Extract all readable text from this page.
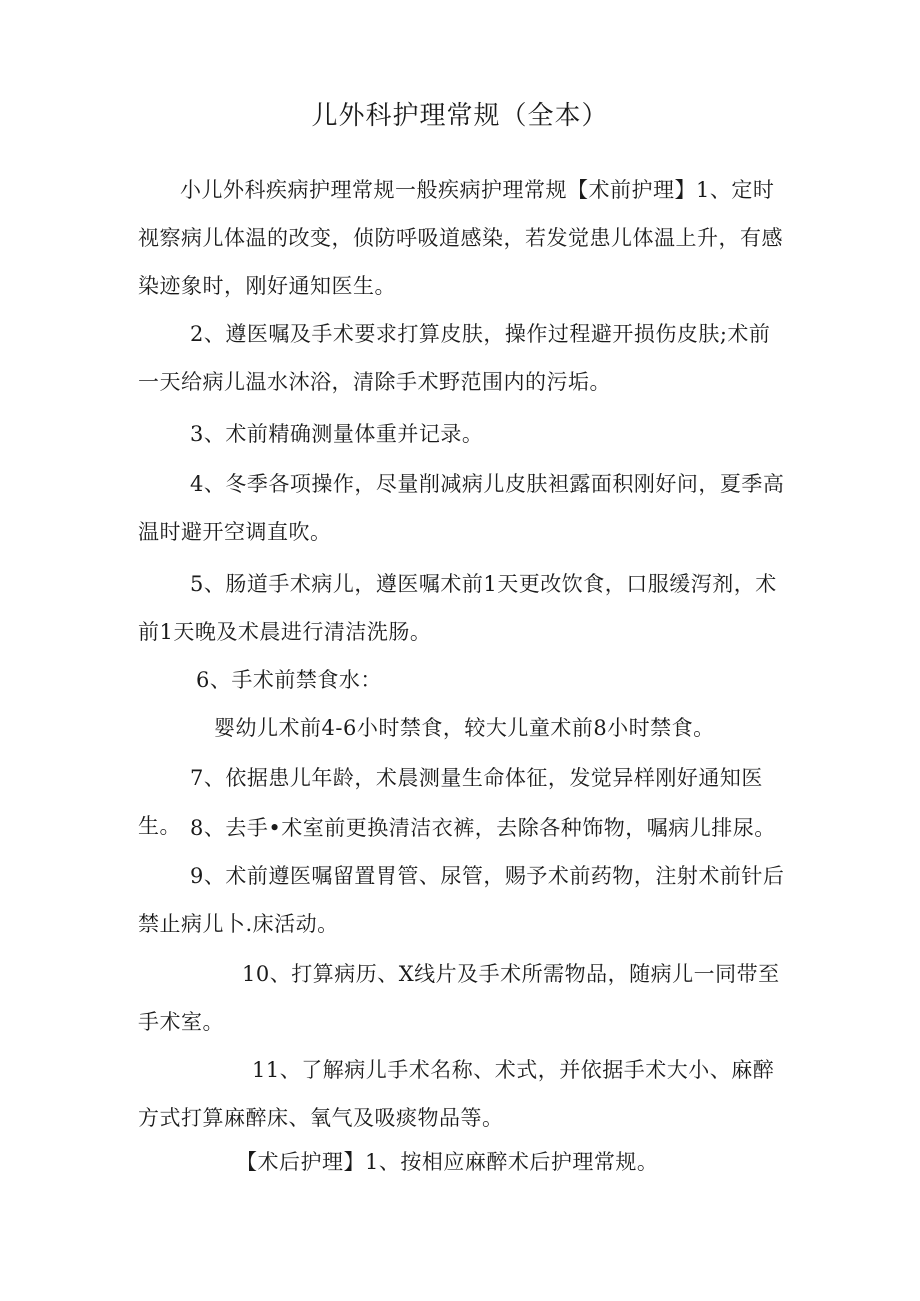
儿外科护理常规（全本）

小儿外科疾病护理常规一般疾病护理常规【术前护理】1、定时视察病儿体温的改变，侦防呼吸道感染，若发觉患儿体温上升，有感染迹象时，刚好通知医生。

2、遵医嘱及手术要求打算皮肤，操作过程避开损伤皮肤;术前一天给病儿温水沐浴，清除手术野范围内的污垢。

3、术前精确测量体重并记录。

4、冬季各项操作，尽量削减病儿皮肤袒露面积刚好问，夏季高温时避开空调直吹。

5、肠道手术病儿，遵医嘱术前1天更改饮食，口服缓泻剂，术前1天晚及术晨进行清洁洗肠。

6、手术前禁食水：

婴幼儿术前4-6小时禁食，较大儿童术前8小时禁食。

7、依据患儿年龄，术晨测量生命体征，发觉异样刚好通知医生。 8、去手•术室前更换清洁衣裤，去除各种饰物，嘱病儿排尿。

9、术前遵医嘱留置胃管、尿管，赐予术前药物，注射术前针后禁止病儿卜.床活动。

10、打算病历、X线片及手术所需物品，随病儿一同带至手术室。

11、了解病儿手术名称、术式，并依据手术大小、麻醉方式打算麻醉床、氧气及吸痰物品等。

【术后护理】1、按相应麻醉术后护理常规。
